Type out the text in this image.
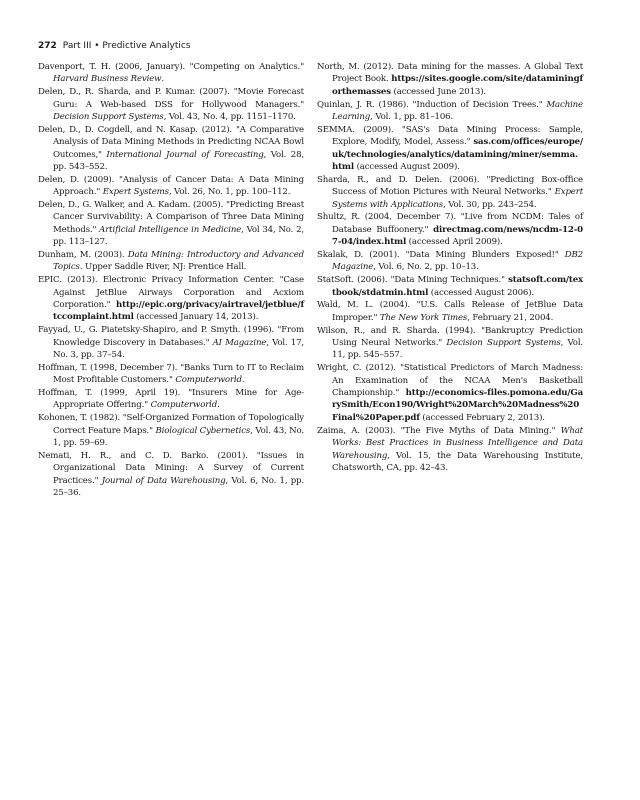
272 Part III • Predictive Analytics

Davenport, T. H. (2006, January). "Competing on Analytics." Harvard Business Review.

Delen, D., R. Sharda, and P. Kumar. (2007). "Movie Forecast Guru: A Web-based DSS for Hollywood Managers." Decision Support Systems, Vol. 43, No. 4, pp. 1151–1170.

Delen, D., D. Cogdell, and N. Kasap. (2012). "A Comparative Analysis of Data Mining Methods in Predicting NCAA Bowl Outcomes," International Journal of Forecasting, Vol. 28, pp. 543–552.

Delen, D. (2009). "Analysis of Cancer Data: A Data Mining Approach." Expert Systems, Vol. 26, No. 1, pp. 100–112.

Delen, D., G. Walker, and A. Kadam. (2005). "Predicting Breast Cancer Survivability: A Comparison of Three Data Mining Methods." Artificial Intelligence in Medicine, Vol 34, No. 2, pp. 113–127.

Dunham, M. (2003). Data Mining: Introductory and Advanced Topics. Upper Saddle River, NJ: Prentice Hall.

EPIC. (2013). Electronic Privacy Information Center. "Case Against JetBlue Airways Corporation and Acxiom Corporation." http://epic.org/privacy/airtravel/jetblue/ftccomplaint.html (accessed January 14, 2013).

Fayyad, U., G. Piatetsky-Shapiro, and P. Smyth. (1996). "From Knowledge Discovery in Databases." AI Magazine, Vol. 17, No. 3, pp. 37–54.

Hoffman, T. (1998, December 7). "Banks Turn to IT to Reclaim Most Profitable Customers." Computerworld.

Hoffman, T. (1999, April 19). "Insurers Mine for Age-Appropriate Offering." Computerworld.

Kohonen, T. (1982). "Self-Organized Formation of Topologically Correct Feature Maps." Biological Cybernetics, Vol. 43, No. 1, pp. 59–69.

Nemati, H. R., and C. D. Barko. (2001). "Issues in Organizational Data Mining: A Survey of Current Practices." Journal of Data Warehousing, Vol. 6, No. 1, pp. 25–36.

North, M. (2012). Data mining for the masses. A Global Text Project Book. https://sites.google.com/site/dataminingforthemasses (accessed June 2013).

Quinlan, J. R. (1986). "Induction of Decision Trees." Machine Learning, Vol. 1, pp. 81–106.

SEMMA. (2009). "SAS's Data Mining Process: Sample, Explore, Modify, Model, Assess." sas.com/offices/europe/uk/technologies/analytics/datamining/miner/semma.html (accessed August 2009).

Sharda, R., and D. Delen. (2006). "Predicting Box-office Success of Motion Pictures with Neural Networks." Expert Systems with Applications, Vol. 30, pp. 243–254.

Shultz, R. (2004, December 7). "Live from NCDM: Tales of Database Buffoonery." directmag.com/news/ncdm-12-07-04/index.html (accessed April 2009).

Skalak, D. (2001). "Data Mining Blunders Exposed!" DB2 Magazine, Vol. 6, No. 2, pp. 10–13.

StatSoft. (2006). "Data Mining Techniques." statsoft.com/textbook/stdatmin.html (accessed August 2006).

Wald, M. L. (2004). "U.S. Calls Release of JetBlue Data Improper." The New York Times, February 21, 2004.

Wilson, R., and R. Sharda. (1994). "Bankruptcy Prediction Using Neural Networks." Decision Support Systems, Vol. 11, pp. 545–557.

Wright, C. (2012). "Statistical Predictors of March Madness: An Examination of the NCAA Men's Basketball Championship." http://economics-files.pomona.edu/GarySmith/Econ190/Wright%20March%20Madness%20Final%20Paper.pdf (accessed February 2, 2013).

Zaima, A. (2003). "The Five Myths of Data Mining." What Works: Best Practices in Business Intelligence and Data Warehousing, Vol. 15, the Data Warehousing Institute, Chatsworth, CA, pp. 42–43.
